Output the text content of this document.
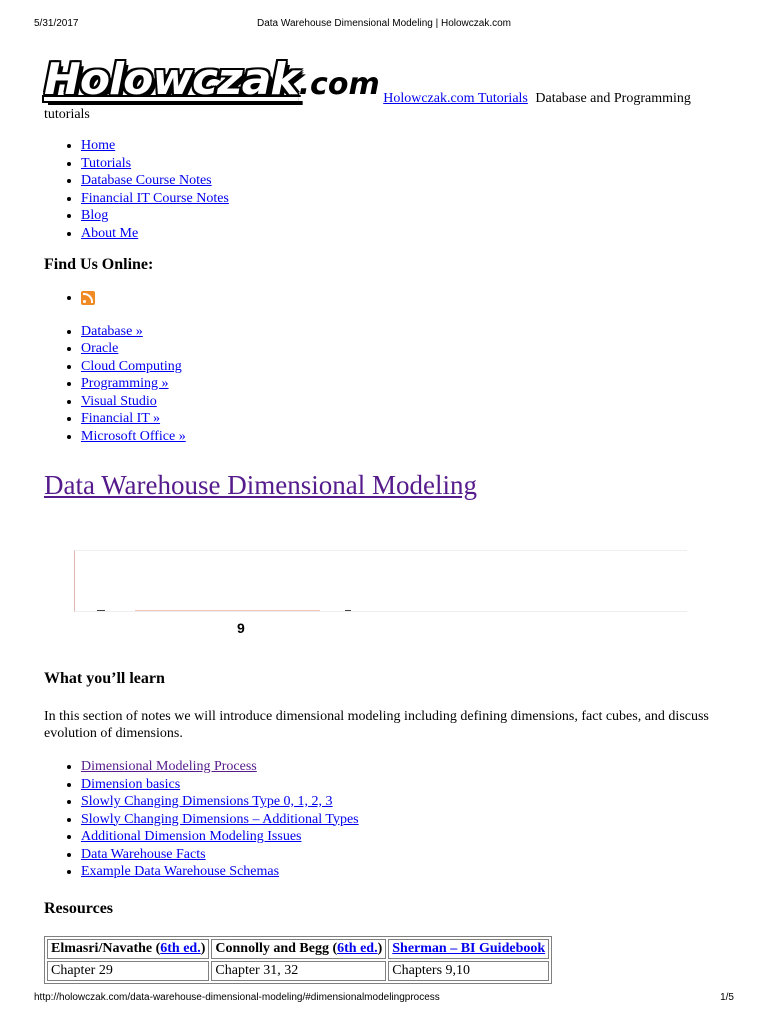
5/31/2017	Data Warehouse Dimensional Modeling | Holowczak.com
Holowczak.com Holowczak.com Tutorials Database and Programming tutorials
• Home
• Tutorials
• Database Course Notes
• Financial IT Course Notes
• Blog
• About Me
Find Us Online:
•
• Database »
• Oracle
• Cloud Computing
• Programming »
• Visual Studio
• Financial IT »
• Microsoft Office »
Data Warehouse Dimensional Modeling
9
What you’ll learn

In this section of notes we will introduce dimensional modeling including defining dimensions, fact cubes, and discuss evolution of dimensions.

• Dimensional Modeling Process
• Dimension basics
• Slowly Changing Dimensions Type 0, 1, 2, 3
• Slowly Changing Dimensions – Additional Types
• Additional Dimension Modeling Issues
• Data Warehouse Facts
• Example Data Warehouse Schemas
Resources
Elmasri/Navathe (6th ed.)	Connolly and Begg (6th ed.)	Sherman – BI Guidebook
Chapter 29	Chapter 31, 32	Chapters 9,10
http://holowczak.com/data-warehouse-dimensional-modeling/#dimensionalmodelingprocess	1/5
